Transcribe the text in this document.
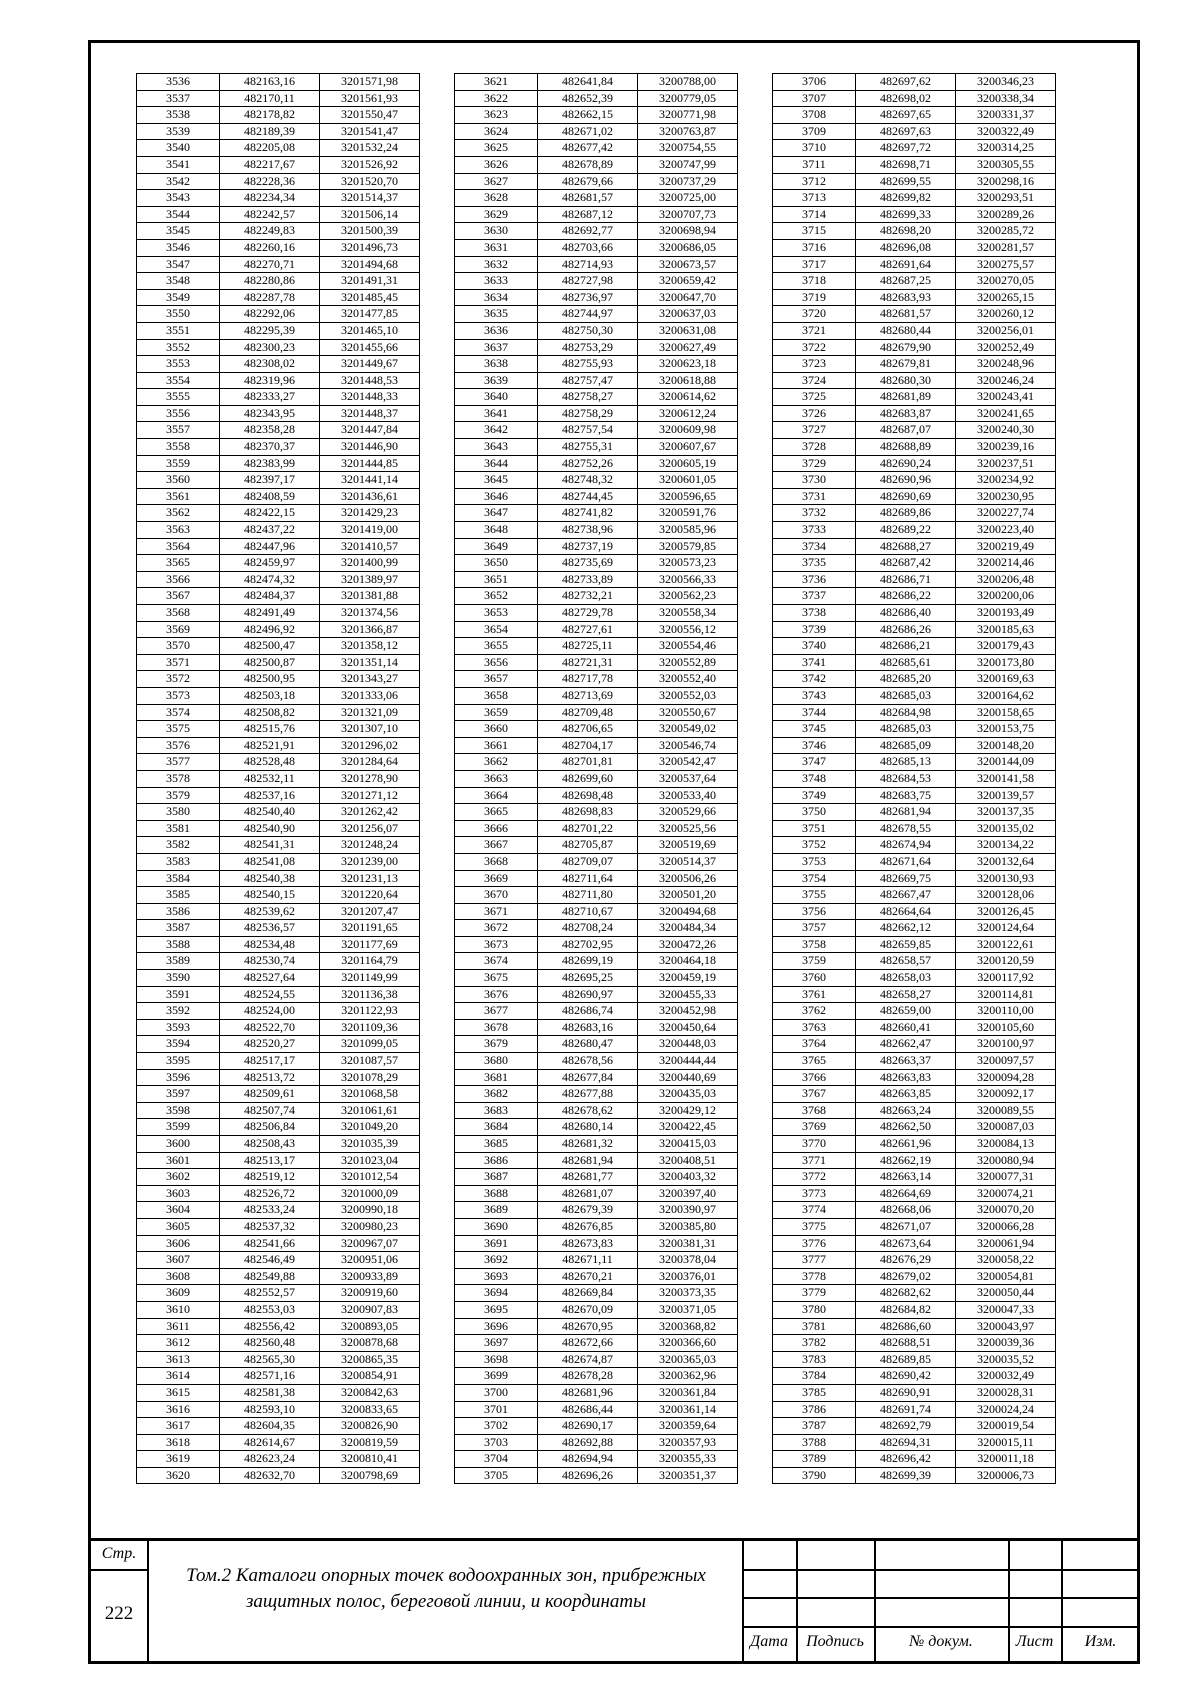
3536	482163,16	3201571,98
3537	482170,11	3201561,93
3538	482178,82	3201550,47
3539	482189,39	3201541,47
3540	482205,08	3201532,24
3541	482217,67	3201526,92
3542	482228,36	3201520,70
3543	482234,34	3201514,37
3544	482242,57	3201506,14
3545	482249,83	3201500,39
3546	482260,16	3201496,73
3547	482270,71	3201494,68
3548	482280,86	3201491,31
3549	482287,78	3201485,45
3550	482292,06	3201477,85
3551	482295,39	3201465,10
3552	482300,23	3201455,66
3553	482308,02	3201449,67
3554	482319,96	3201448,53
3555	482333,27	3201448,33
3556	482343,95	3201448,37
3557	482358,28	3201447,84
3558	482370,37	3201446,90
3559	482383,99	3201444,85
3560	482397,17	3201441,14
3561	482408,59	3201436,61
3562	482422,15	3201429,23
3563	482437,22	3201419,00
3564	482447,96	3201410,57
3565	482459,97	3201400,99
3566	482474,32	3201389,97
3567	482484,37	3201381,88
3568	482491,49	3201374,56
3569	482496,92	3201366,87
3570	482500,47	3201358,12
3571	482500,87	3201351,14
3572	482500,95	3201343,27
3573	482503,18	3201333,06
3574	482508,82	3201321,09
3575	482515,76	3201307,10
3576	482521,91	3201296,02
3577	482528,48	3201284,64
3578	482532,11	3201278,90
3579	482537,16	3201271,12
3580	482540,40	3201262,42
3581	482540,90	3201256,07
3582	482541,31	3201248,24
3583	482541,08	3201239,00
3584	482540,38	3201231,13
3585	482540,15	3201220,64
3586	482539,62	3201207,47
3587	482536,57	3201191,65
3588	482534,48	3201177,69
3589	482530,74	3201164,79
3590	482527,64	3201149,99
3591	482524,55	3201136,38
3592	482524,00	3201122,93
3593	482522,70	3201109,36
3594	482520,27	3201099,05
3595	482517,17	3201087,57
3596	482513,72	3201078,29
3597	482509,61	3201068,58
3598	482507,74	3201061,61
3599	482506,84	3201049,20
3600	482508,43	3201035,39
3601	482513,17	3201023,04
3602	482519,12	3201012,54
3603	482526,72	3201000,09
3604	482533,24	3200990,18
3605	482537,32	3200980,23
3606	482541,66	3200967,07
3607	482546,49	3200951,06
3608	482549,88	3200933,89
3609	482552,57	3200919,60
3610	482553,03	3200907,83
3611	482556,42	3200893,05
3612	482560,48	3200878,68
3613	482565,30	3200865,35
3614	482571,16	3200854,91
3615	482581,38	3200842,63
3616	482593,10	3200833,65
3617	482604,35	3200826,90
3618	482614,67	3200819,59
3619	482623,24	3200810,41
3620	482632,70	3200798,69
3621	482641,84	3200788,00
3622	482652,39	3200779,05
3623	482662,15	3200771,98
3624	482671,02	3200763,87
3625	482677,42	3200754,55
3626	482678,89	3200747,99
3627	482679,66	3200737,29
3628	482681,57	3200725,00
3629	482687,12	3200707,73
3630	482692,77	3200698,94
3631	482703,66	3200686,05
3632	482714,93	3200673,57
3633	482727,98	3200659,42
3634	482736,97	3200647,70
3635	482744,97	3200637,03
3636	482750,30	3200631,08
3637	482753,29	3200627,49
3638	482755,93	3200623,18
3639	482757,47	3200618,88
3640	482758,27	3200614,62
3641	482758,29	3200612,24
3642	482757,54	3200609,98
3643	482755,31	3200607,67
3644	482752,26	3200605,19
3645	482748,32	3200601,05
3646	482744,45	3200596,65
3647	482741,82	3200591,76
3648	482738,96	3200585,96
3649	482737,19	3200579,85
3650	482735,69	3200573,23
3651	482733,89	3200566,33
3652	482732,21	3200562,23
3653	482729,78	3200558,34
3654	482727,61	3200556,12
3655	482725,11	3200554,46
3656	482721,31	3200552,89
3657	482717,78	3200552,40
3658	482713,69	3200552,03
3659	482709,48	3200550,67
3660	482706,65	3200549,02
3661	482704,17	3200546,74
3662	482701,81	3200542,47
3663	482699,60	3200537,64
3664	482698,48	3200533,40
3665	482698,83	3200529,66
3666	482701,22	3200525,56
3667	482705,87	3200519,69
3668	482709,07	3200514,37
3669	482711,64	3200506,26
3670	482711,80	3200501,20
3671	482710,67	3200494,68
3672	482708,24	3200484,34
3673	482702,95	3200472,26
3674	482699,19	3200464,18
3675	482695,25	3200459,19
3676	482690,97	3200455,33
3677	482686,74	3200452,98
3678	482683,16	3200450,64
3679	482680,47	3200448,03
3680	482678,56	3200444,44
3681	482677,84	3200440,69
3682	482677,88	3200435,03
3683	482678,62	3200429,12
3684	482680,14	3200422,45
3685	482681,32	3200415,03
3686	482681,94	3200408,51
3687	482681,77	3200403,32
3688	482681,07	3200397,40
3689	482679,39	3200390,97
3690	482676,85	3200385,80
3691	482673,83	3200381,31
3692	482671,11	3200378,04
3693	482670,21	3200376,01
3694	482669,84	3200373,35
3695	482670,09	3200371,05
3696	482670,95	3200368,82
3697	482672,66	3200366,60
3698	482674,87	3200365,03
3699	482678,28	3200362,96
3700	482681,96	3200361,84
3701	482686,44	3200361,14
3702	482690,17	3200359,64
3703	482692,88	3200357,93
3704	482694,94	3200355,33
3705	482696,26	3200351,37
3706	482697,62	3200346,23
3707	482698,02	3200338,34
3708	482697,65	3200331,37
3709	482697,63	3200322,49
3710	482697,72	3200314,25
3711	482698,71	3200305,55
3712	482699,55	3200298,16
3713	482699,82	3200293,51
3714	482699,33	3200289,26
3715	482698,20	3200285,72
3716	482696,08	3200281,57
3717	482691,64	3200275,57
3718	482687,25	3200270,05
3719	482683,93	3200265,15
3720	482681,57	3200260,12
3721	482680,44	3200256,01
3722	482679,90	3200252,49
3723	482679,81	3200248,96
3724	482680,30	3200246,24
3725	482681,89	3200243,41
3726	482683,87	3200241,65
3727	482687,07	3200240,30
3728	482688,89	3200239,16
3729	482690,24	3200237,51
3730	482690,96	3200234,92
3731	482690,69	3200230,95
3732	482689,86	3200227,74
3733	482689,22	3200223,40
3734	482688,27	3200219,49
3735	482687,42	3200214,46
3736	482686,71	3200206,48
3737	482686,22	3200200,06
3738	482686,40	3200193,49
3739	482686,26	3200185,63
3740	482686,21	3200179,43
3741	482685,61	3200173,80
3742	482685,20	3200169,63
3743	482685,03	3200164,62
3744	482684,98	3200158,65
3745	482685,03	3200153,75
3746	482685,09	3200148,20
3747	482685,13	3200144,09
3748	482684,53	3200141,58
3749	482683,75	3200139,57
3750	482681,94	3200137,35
3751	482678,55	3200135,02
3752	482674,94	3200134,22
3753	482671,64	3200132,64
3754	482669,75	3200130,93
3755	482667,47	3200128,06
3756	482664,64	3200126,45
3757	482662,12	3200124,64
3758	482659,85	3200122,61
3759	482658,57	3200120,59
3760	482658,03	3200117,92
3761	482658,27	3200114,81
3762	482659,00	3200110,00
3763	482660,41	3200105,60
3764	482662,47	3200100,97
3765	482663,37	3200097,57
3766	482663,83	3200094,28
3767	482663,85	3200092,17
3768	482663,24	3200089,55
3769	482662,50	3200087,03
3770	482661,96	3200084,13
3771	482662,19	3200080,94
3772	482663,14	3200077,31
3773	482664,69	3200074,21
3774	482668,06	3200070,20
3775	482671,07	3200066,28
3776	482673,64	3200061,94
3777	482676,29	3200058,22
3778	482679,02	3200054,81
3779	482682,62	3200050,44
3780	482684,82	3200047,33
3781	482686,60	3200043,97
3782	482688,51	3200039,36
3783	482689,85	3200035,52
3784	482690,42	3200032,49
3785	482690,91	3200028,31
3786	482691,74	3200024,24
3787	482692,79	3200019,54
3788	482694,31	3200015,11
3789	482696,42	3200011,18
3790	482699,39	3200006,73
Стр.
222
Том.2 Каталоги опорных точек водоохранных зон, прибрежных защитных полос, береговой линии, и координаты
Дата	Подпись	№ докум.	Лист	Изм.
